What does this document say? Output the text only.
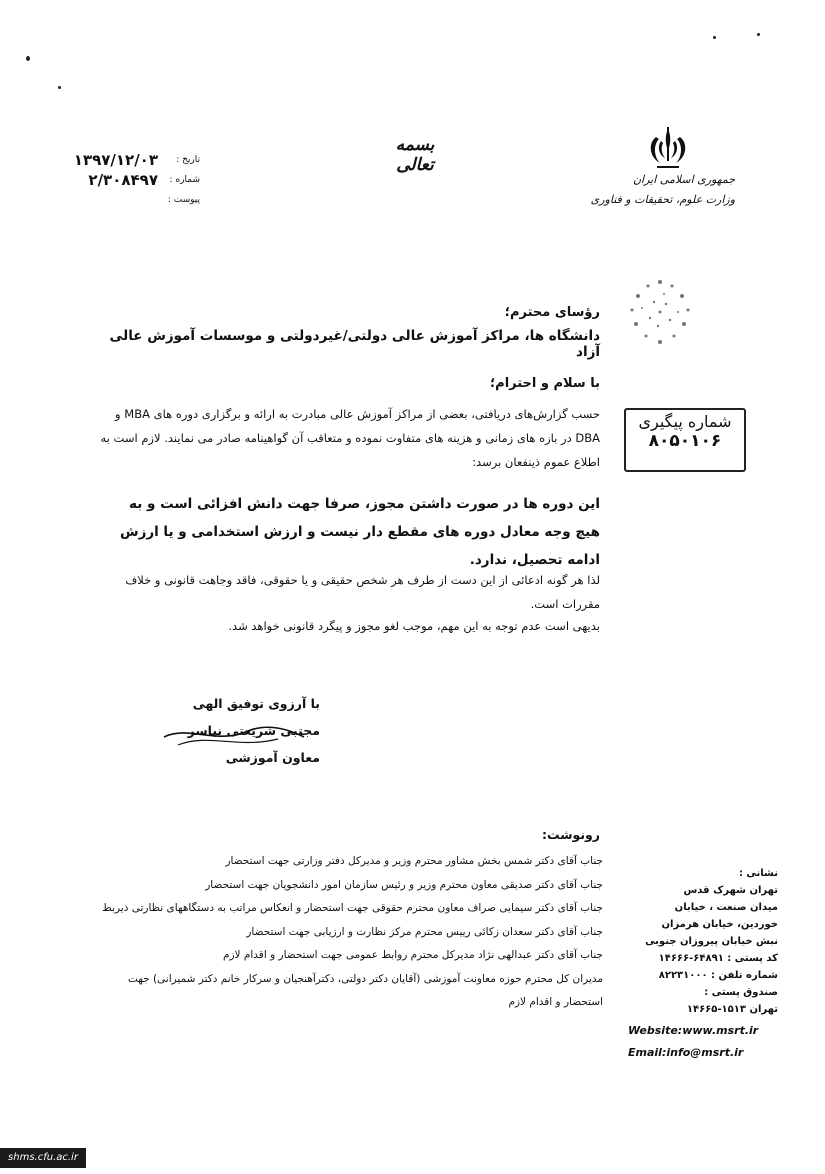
جمهوری اسلامی ایران
وزارت علوم، تحقیقات و فناوری
بسمه تعالی
تاریخ :
۱۳۹۷/۱۲/۰۳
شماره :
۲/۳۰۸۴۹۷
پیوست :
شماره پیگیری
۸۰۵۰۱۰۶
رؤسای محترم؛
دانشگاه ها، مراکز آموزش عالی دولتی/غیردولتی و موسسات آموزش عالی آزاد
با سلام و احترام؛
حسب گزارش‌های دریافتی، بعضی از مراکز آموزش عالی مبادرت به ارائه و برگزاری دوره های MBA و DBA در بازه های زمانی و هزینه های متفاوت نموده و متعاقب آن گواهینامه صادر می نمایند. لازم است به اطلاع عموم ذینفعان برسد:
این دوره ها در صورت داشتن مجوز، صرفا جهت دانش افزائی است و به هیچ وجه معادل دوره های مقطع دار نیست و ارزش استخدامی و یا ارزش ادامه تحصیل، ندارد.
لذا هر گونه ادعائی از این دست از طرف هر شخص حقیقی و یا حقوقی، فاقد وجاهت قانونی و خلاف مقررات است.
بدیهی است عدم توجه به این مهم، موجب لغو مجوز و پیگرد قانونی خواهد شد.
با آرزوی توفیق الهی
مجتبی شریعتی نیاسر
معاون آموزشی
رونوشت:
جناب آقای دکتر شمس بخش مشاور محترم وزیر و مدیرکل دفتر وزارتی جهت استحضار
جناب آقای دکتر صدیقی معاون محترم وزیر و رئیس سازمان امور دانشجویان جهت استحضار
جناب آقای دکتر سیمایی صراف معاون محترم حقوقی جهت استحضار و انعکاس مراتب به دستگاههای نظارتی ذیربط
جناب آقای دکتر سعدان زکائی رییس محترم مرکز نظارت و ارزیابی جهت استحضار
جناب آقای دکتر عبدالهی نژاد مدیرکل محترم روابط عمومی جهت استحضار و اقدام لازم
مدیران کل محترم حوزه معاونت آموزشی (آقایان دکتر دولتی، دکترآهنجیان و سرکار خانم دکتر شمیرانی) جهت استحضار و اقدام لازم
نشانی :
تهران شهرک قدس
میدان صنعت ، خیابان
خوردین، خیابان هرمزان
نبش خیابان پیروزان جنوبی
کد پستی : ۶۴۸۹۱-۱۴۶۶۶
شماره تلفن : ۸۲۲۳۱۰۰۰
صندوق پستی :
تهران ۱۵۱۳-۱۴۶۶۵
Website:www.msrt.ir
Email:info@msrt.ir
shms.cfu.ac.ir
